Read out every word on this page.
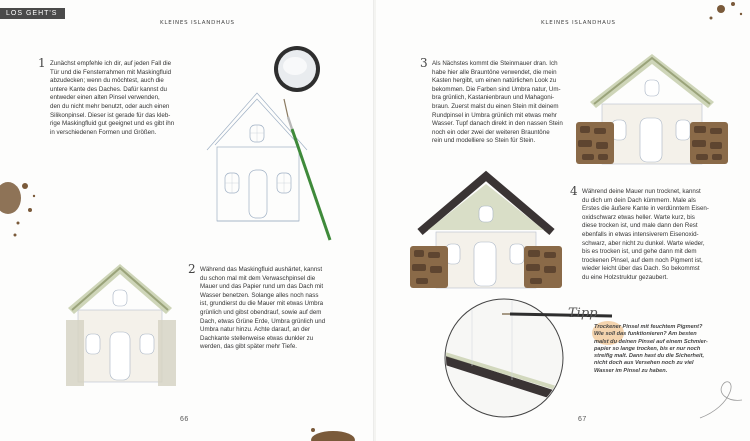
LOS GEHT'S
KLEINES ISLANDHAUS
1 Zunächst empfehle ich dir, auf jeden Fall die
Tür und die Fensterrahmen mit Maskingfluid
abzudecken; wenn du möchtest, auch die
untere Kante des Daches. Dafür kannst du
entweder einen alten Pinsel verwenden,
den du nicht mehr benutzt, oder auch einen
Silikonpinsel. Dieser ist gerade für das kleb-
rige Maskingfluid gut geeignet und es gibt ihn
in verschiedenen Formen und Größen.
2 Während das Maskingfluid aushärtet, kannst
du schon mal mit dem Verwaschpinsel die
Mauer und das Papier rund um das Dach mit
Wasser benetzen. Solange alles noch nass
ist, grundierst du die Mauer mit etwas Umbra
grünlich und gibst obendrauf, sowie auf dem
Dach, etwas Grüne Erde, Umbra grünlich und
Umbra natur hinzu. Achte darauf, an der
Dachkante stellenweise etwas dunkler zu
werden, das gibt später mehr Tiefe.
66
KLEINES ISLANDHAUS
3 Als Nächstes kommt die Steinmauer dran. Ich
habe hier alle Brauntöne verwendet, die mein
Kasten hergibt, um einen natürlichen Look zu
bekommen. Die Farben sind Umbra natur, Um-
bra grünlich, Kastanienbraun und Mahagoni-
braun. Zuerst malst du einen Stein mit deinem
Rundpinsel in Umbra grünlich mit etwas mehr
Wasser. Tupf danach direkt in den nassen Stein
noch ein oder zwei der weiteren Brauntöne
rein und modelliere so Stein für Stein.
4 Während deine Mauer nun trocknet, kannst
du dich um dein Dach kümmern. Male als
Erstes die äußere Kante in verdünntem Eisen-
oxidschwarz etwas heller. Warte kurz, bis
diese trocken ist, und male dann den Rest
ebenfalls in etwas intensiverem Eisenoxid-
schwarz, aber nicht zu dunkel. Warte wieder,
bis es trocken ist, und gehe dann mit dem
trockenen Pinsel, auf dem noch Pigment ist,
wieder leicht über das Dach. So bekommst
du eine Holzstruktur gezaubert.
Tipp
Trockener Pinsel mit feuchtem Pigment?
Wie soll das funktionieren? Am besten
malst du deinen Pinsel auf einem Schmier-
papier so lange trocken, bis er nur noch
streifig malt. Dann hast du die Sicherheit,
nicht doch aus Versehen noch zu viel
Wasser im Pinsel zu haben.
67
